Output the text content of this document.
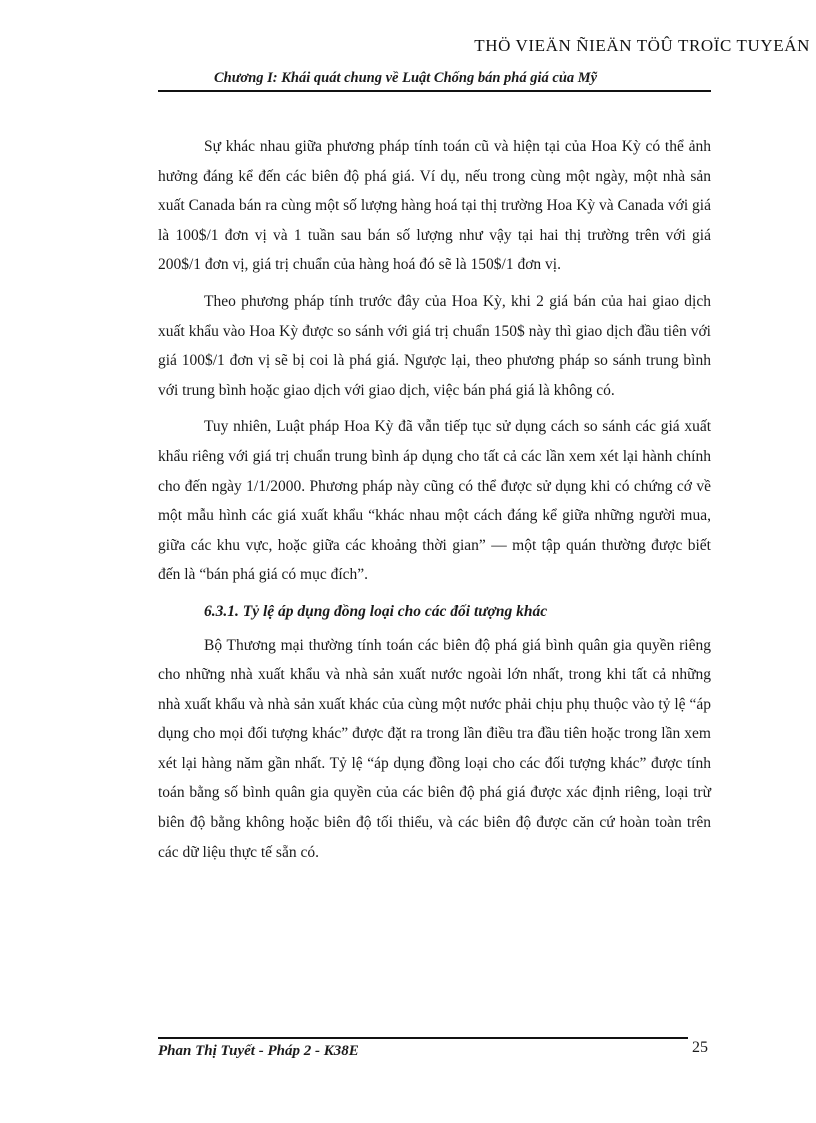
THÖ VIEÄN ÑIEÄN TÖÛ TROÏC TUYEÁN
Chương I: Khái quát chung về Luật Chống bán phá giá của Mỹ

Sự khác nhau giữa phương pháp tính toán cũ và hiện tại của Hoa Kỳ có thể ảnh hưởng đáng kể đến các biên độ phá giá. Ví dụ, nếu trong cùng một ngày, một nhà sản xuất Canada bán ra cùng một số lượng hàng hoá tại thị trường Hoa Kỳ và Canada với giá là 100$/1 đơn vị và 1 tuần sau bán số lượng như vậy tại hai thị trường trên với giá 200$/1 đơn vị, giá trị chuẩn của hàng hoá đó sẽ là 150$/1 đơn vị.

Theo phương pháp tính trước đây của Hoa Kỳ, khi 2 giá bán của hai giao dịch xuất khẩu vào Hoa Kỳ được so sánh với giá trị chuẩn 150$ này thì giao dịch đầu tiên với giá 100$/1 đơn vị sẽ bị coi là phá giá. Ngược lại, theo phương pháp so sánh trung bình với trung bình hoặc giao dịch với giao dịch, việc bán phá giá là không có.

Tuy nhiên, Luật pháp Hoa Kỳ đã vẫn tiếp tục sử dụng cách so sánh các giá xuất khẩu riêng với giá trị chuẩn trung bình áp dụng cho tất cả các lần xem xét lại hành chính cho đến ngày 1/1/2000. Phương pháp này cũng có thể được sử dụng khi có chứng cớ về một mẫu hình các giá xuất khẩu “khác nhau một cách đáng kể giữa những người mua, giữa các khu vực, hoặc giữa các khoảng thời gian” — một tập quán thường được biết đến là “bán phá giá có mục đích”.

6.3.1. Tỷ lệ áp dụng đồng loại cho các đối tượng khác

Bộ Thương mại thường tính toán các biên độ phá giá bình quân gia quyền riêng cho những nhà xuất khẩu và nhà sản xuất nước ngoài lớn nhất, trong khi tất cả những nhà xuất khẩu và nhà sản xuất khác của cùng một nước phải chịu phụ thuộc vào tỷ lệ “áp dụng cho mọi đối tượng khác” được đặt ra trong lần điều tra đầu tiên hoặc trong lần xem xét lại hàng năm gần nhất. Tỷ lệ “áp dụng đồng loại cho các đối tượng khác” được tính toán bằng số bình quân gia quyền của các biên độ phá giá được xác định riêng, loại trừ biên độ bằng không hoặc biên độ tối thiểu, và các biên độ được căn cứ hoàn toàn trên các dữ liệu thực tế sẵn có.

Phan Thị Tuyết - Pháp 2 - K38E	25
